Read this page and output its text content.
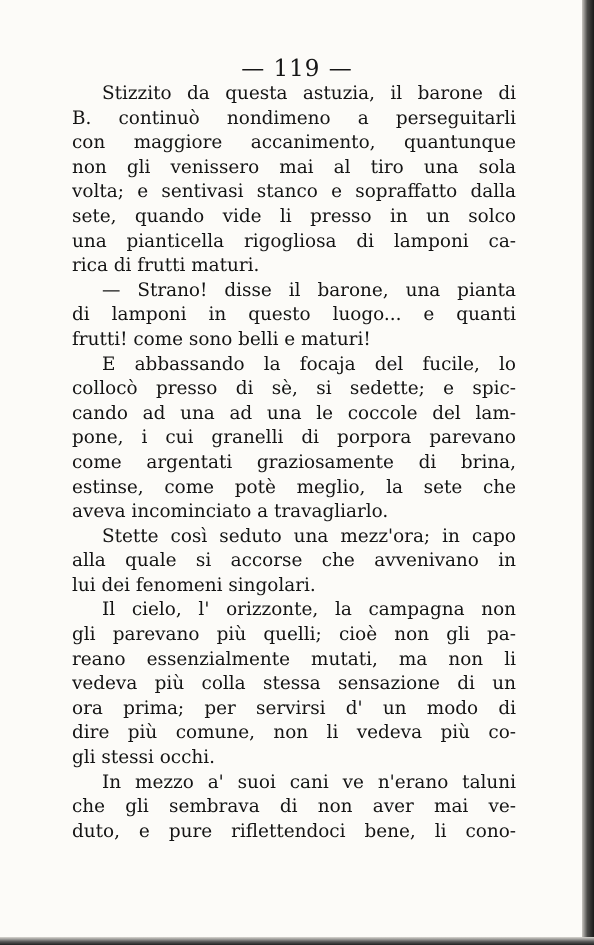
— 119 —
Stizzito da questa astuzia, il barone di
B. continuò nondimeno a perseguitarli
con maggiore accanimento, quantunque
non gli venissero mai al tiro una sola
volta; e sentivasi stanco e sopraffatto dalla
sete, quando vide li presso in un solco
una pianticella rigogliosa di lamponi ca-
rica di frutti maturi.
— Strano! disse il barone, una pianta
di lamponi in questo luogo... e quanti
frutti! come sono belli e maturi!
E abbassando la focaja del fucile, lo
collocò presso di sè, si sedette; e spic-
cando ad una ad una le coccole del lam-
pone, i cui granelli di porpora parevano
come argentati graziosamente di brina,
estinse, come potè meglio, la sete che
aveva incominciato a travagliarlo.
Stette così seduto una mezz'ora; in capo
alla quale si accorse che avvenivano in
lui dei fenomeni singolari.
Il cielo, l' orizzonte, la campagna non
gli parevano più quelli; cioè non gli pa-
reano essenzialmente mutati, ma non li
vedeva più colla stessa sensazione di un
ora prima; per servirsi d' un modo di
dire più comune, non li vedeva più co-
gli stessi occhi.
In mezzo a' suoi cani ve n'erano taluni
che gli sembrava di non aver mai ve-
duto, e pure riflettendoci bene, li cono-
